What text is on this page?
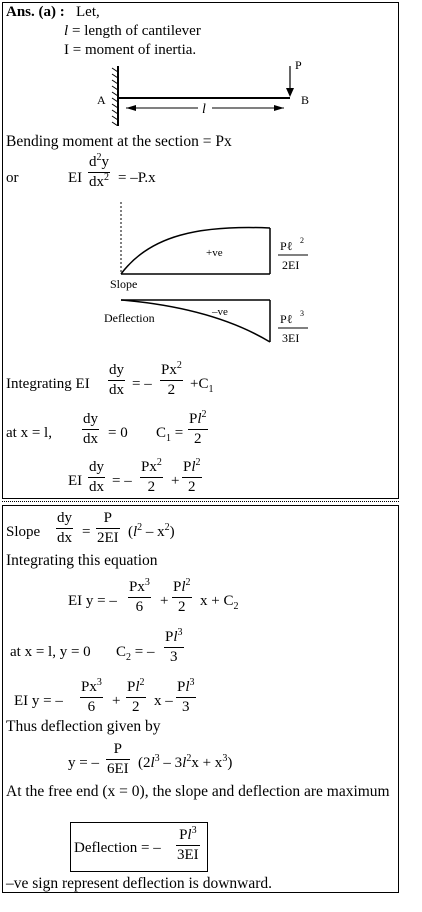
Ans. (a) : Let,
l = length of cantilever
I = moment of inertia.
l
P
A	B
Bending moment at the section = Px
or	EI
$d^2y$
$dx^2 = -P.x$
+ve
Slope
–ve
Deflection
Pℓ 2
2EI
Pℓ 3
3EI
Integrating EI
dy
dx = –
Px$^2$
$2 +C_1$
at x = l,
dy
dx = 0 $C_1$ =
$Pl^2$
2
EI
dy
dx = –
Px$^2$
2	+
$Pl^2$
2
Slope
dy
dx =
P
2EI $(l^2 - x^2)$
Integrating this equation
EI y = –
Px$^3$
6	+
$Pl^2$
2 $x + C_2$
at x = l, y = 0 $C_2$ = –
Pl$^3$
3
EI y = –
Px$^3$
6	+
$Pl^2$
2 x –
Pl$^3$
3
Thus deflection given by
y = –
P
6EI $(2l^3 - 3l^2x + x^3)$
At the free end (x = 0), the slope and deflection are maximum
Deflection = –
Pl$^3$
3EI
–ve sign represent deflection is downward.
